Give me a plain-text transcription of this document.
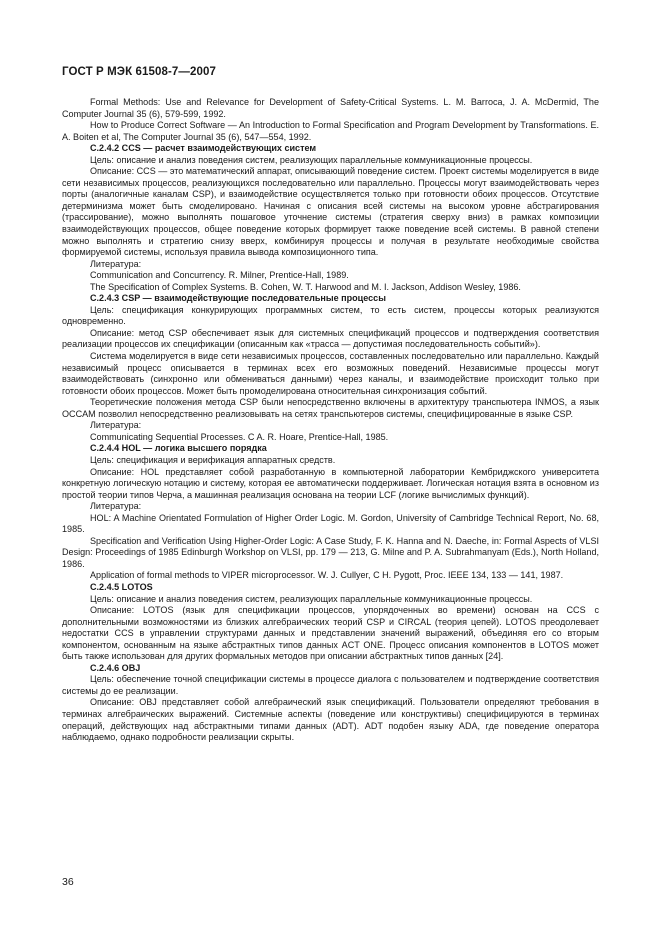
ГОСТ Р МЭК 61508-7—2007

Formal Methods: Use and Relevance for Development of Safety-Critical Systems. L. M. Barroca, J. A. McDermid, The Computer Journal 35 (6), 579-599, 1992.

How to Produce Correct Software — An Introduction to Formal Specification and Program Development by Transformations. E. A. Boiten et al, The Computer Journal 35 (6), 547—554, 1992.

C.2.4.2 CCS — расчет взаимодействующих систем

Цель: описание и анализ поведения систем, реализующих параллельные коммуникационные процессы.

Описание: CCS — это математический аппарат, описывающий поведение систем. Проект системы моделируется в виде сети независимых процессов, реализующихся последовательно или параллельно. Процессы могут взаимодействовать через порты (аналогичные каналам CSP), и взаимодействие осуществляется только при готовности обоих процессов. Отсутствие детерминизма может быть смоделировано. Начиная с описания всей системы на высоком уровне абстрагирования (трассирование), можно выполнять пошаговое уточнение системы (стратегия сверху вниз) в рамках композиции взаимодействующих процессов, общее поведение которых формирует также поведение всей системы. В равной степени можно выполнять и стратегию снизу вверх, комбинируя процессы и получая в результате необходимые свойства формируемой системы, используя правила вывода композиционного типа.

Литература:

Communication and Concurrency. R. Milner, Prentice-Hall, 1989.

The Specification of Complex Systems. B. Cohen, W. T. Harwood and M. I. Jackson, Addison Wesley, 1986.

C.2.4.3 CSP — взаимодействующие последовательные процессы

Цель: спецификация конкурирующих программных систем, то есть систем, процессы которых реализуются одновременно.

Описание: метод CSP обеспечивает язык для системных спецификаций процессов и подтверждения соответствия реализации процессов их спецификации (описанным как «трасса — допустимая последовательность событий»).

Система моделируется в виде сети независимых процессов, составленных последовательно или параллельно. Каждый независимый процесс описывается в терминах всех его возможных поведений. Независимые процессы могут взаимодействовать (синхронно или обмениваться данными) через каналы, и взаимодействие происходит только при готовности обоих процессов. Может быть промоделирована относительная синхронизация событий.

Теоретические положения метода CSP были непосредственно включены в архитектуру транспьютера INMOS, а язык OCCAM позволил непосредственно реализовывать на сетях транспьютеров системы, специфицированные в языке CSP.

Литература:

Communicating Sequential Processes. C A. R. Hoare, Prentice-Hall, 1985.

C.2.4.4 HOL — логика высшего порядка

Цель: спецификация и верификация аппаратных средств.

Описание: HOL представляет собой разработанную в компьютерной лаборатории Кембриджского университета конкретную логическую нотацию и систему, которая ее автоматически поддерживает. Логическая нотация взята в основном из простой теории типов Черча, а машинная реализация основана на теории LCF (логике вычислимых функций).

Литература:

HOL: A Machine Orientated Formulation of Higher Order Logic. M. Gordon, University of Cambridge Technical Report, No. 68, 1985.

Specification and Verification Using Higher-Order Logic: A Case Study, F. K. Hanna and N. Daeche, in: Formal Aspects of VLSI Design: Proceedings of 1985 Edinburgh Workshop on VLSI, pp. 179 — 213, G. Milne and P. A. Subrahmanyam (Eds.), North Holland, 1986.

Application of formal methods to VIPER microprocessor. W. J. Cullyer, C H. Pygott, Proc. IEEE 134, 133 — 141, 1987.

C.2.4.5 LOTOS

Цель: описание и анализ поведения систем, реализующих параллельные коммуникационные процессы.

Описание: LOTOS (язык для спецификации процессов, упорядоченных во времени) основан на CCS с дополнительными возможностями из близких алгебраических теорий CSP и CIRCAL (теория цепей). LOTOS преодолевает недостатки CCS в управлении структурами данных и представлении значений выражений, объединяя его со вторым компонентом, основанным на языке абстрактных типов данных ACT ONE. Процесс описания компонентов в LOTOS может быть также использован для других формальных методов при описании абстрактных типов данных [24].

C.2.4.6 OBJ

Цель: обеспечение точной спецификации системы в процессе диалога с пользователем и подтверждение соответствия системы до ее реализации.

Описание: OBJ представляет собой алгебраический язык спецификаций. Пользователи определяют требования в терминах алгебраических выражений. Системные аспекты (поведение или конструктивы) специфицируются в терминах операций, действующих над абстрактными типами данных (ADT). ADT подобен языку ADA, где поведение оператора наблюдаемо, однако подробности реализации скрыты.

36
